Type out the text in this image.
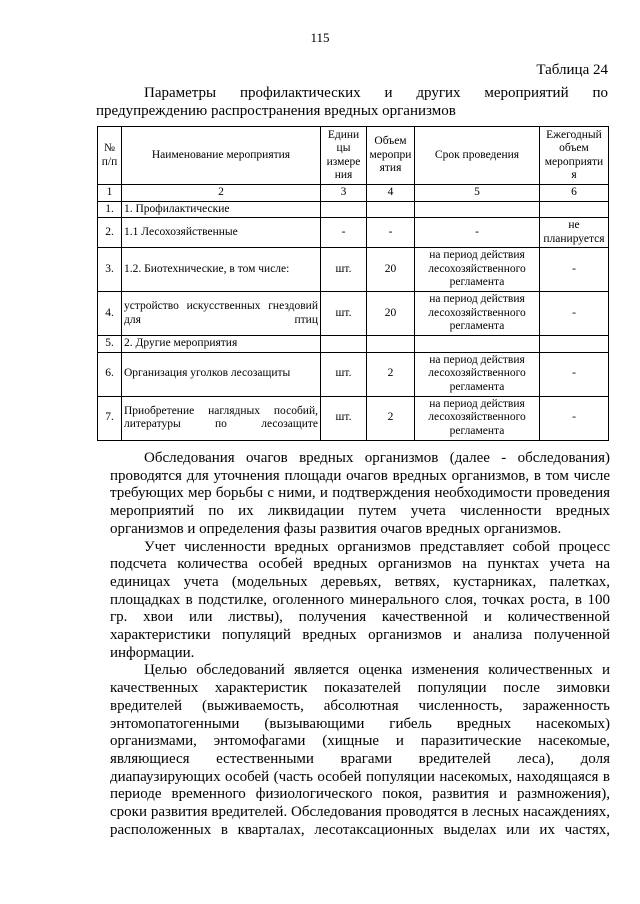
115
Таблица 24
Параметры профилактических и других мероприятий по
предупреждению распространения вредных организмов
№ п/п	Наименование мероприятия	Едини цы измере ния	Объем меропри ятия	Срок проведения	Ежегодный объем мероприяти я
1	2	3	4	5	6
1.	1. Профилактические				
2.	1.1 Лесохозяйственные	-	-	-	не планируется
3.	1.2. Биотехнические, в том числе:	шт.	20	на период действия лесохозяйственного регламента	-
4.	устройство искусственных гнездовий для птиц	шт.	20	на период действия лесохозяйственного регламента	-
5.	2. Другие мероприятия				
6.	Организация уголков лесозащиты	шт.	2	на период действия лесохозяйственного регламента	-
7.	Приобретение наглядных пособий, литературы по лесозащите	шт.	2	на период действия лесохозяйственного регламента	-

Обследования очагов вредных организмов (далее - обследования) проводятся для уточнения площади очагов вредных организмов, в том числе требующих мер борьбы с ними, и подтверждения необходимости проведения мероприятий по их ликвидации путем учета численности вредных организмов и определения фазы развития очагов вредных организмов.

Учет численности вредных организмов представляет собой процесс подсчета количества особей вредных организмов на пунктах учета на единицах учета (модельных деревьях, ветвях, кустарниках, палетках, площадках в подстилке, оголенного минерального слоя, точках роста, в 100 гр. хвои или листвы), получения качественной и количественной характеристики популяций вредных организмов и анализа полученной информации.

Целью обследований является оценка изменения количественных и качественных характеристик показателей популяции после зимовки вредителей (выживаемость, абсолютная численность, зараженность энтомопатогенными (вызывающими гибель вредных насекомых) организмами, энтомофагами (хищные и паразитические насекомые, являющиеся естественными врагами вредителей леса), доля диапаузирующих особей (часть особей популяции насекомых, находящаяся в периоде временного физиологического покоя, развития и размножения), сроки развития вредителей. Обследования проводятся в лесных насаждениях, расположенных в кварталах, лесотаксационных выделах или их частях,
